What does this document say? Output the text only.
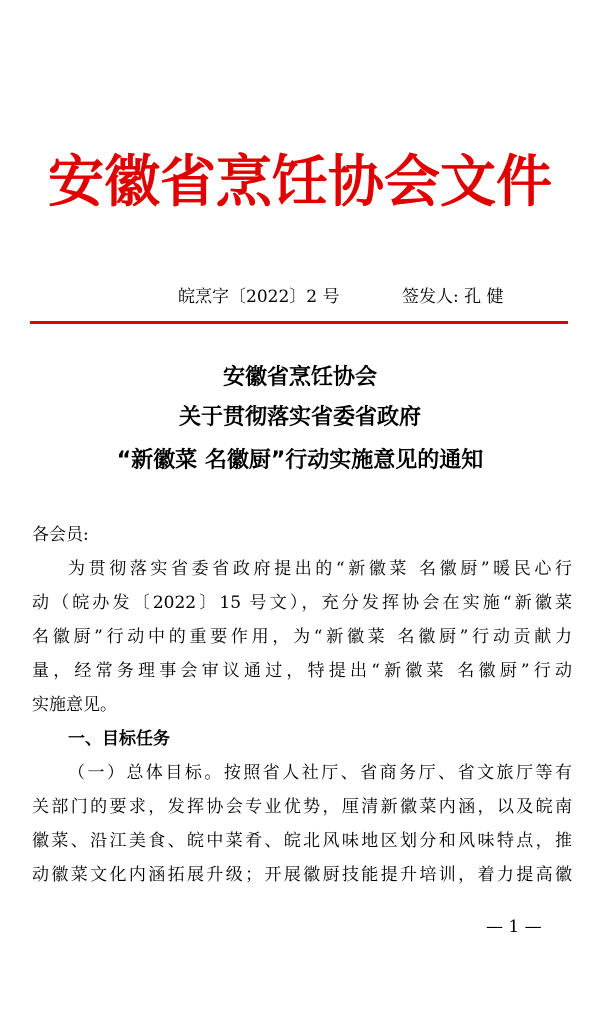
安徽省烹饪协会文件
皖烹字〔2022〕2 号	签发人: 孔 健
安徽省烹饪协会
关于贯彻落实省委省政府
“新徽菜 名徽厨”行动实施意见的通知
各会员:
为贯彻落实省委省政府提出的“新徽菜 名徽厨”暖民心行
动（皖办发〔2022〕15 号文），充分发挥协会在实施“新徽菜
名徽厨”行动中的重要作用，为“新徽菜 名徽厨”行动贡献力
量，经常务理事会审议通过，特提出“新徽菜 名徽厨”行动
实施意见。
一、目标任务
（一）总体目标。按照省人社厅、省商务厅、省文旅厅等有
关部门的要求，发挥协会专业优势，厘清新徽菜内涵，以及皖南
徽菜、沿江美食、皖中菜肴、皖北风味地区划分和风味特点，推
动徽菜文化内涵拓展升级；开展徽厨技能提升培训，着力提高徽
— 1 —
